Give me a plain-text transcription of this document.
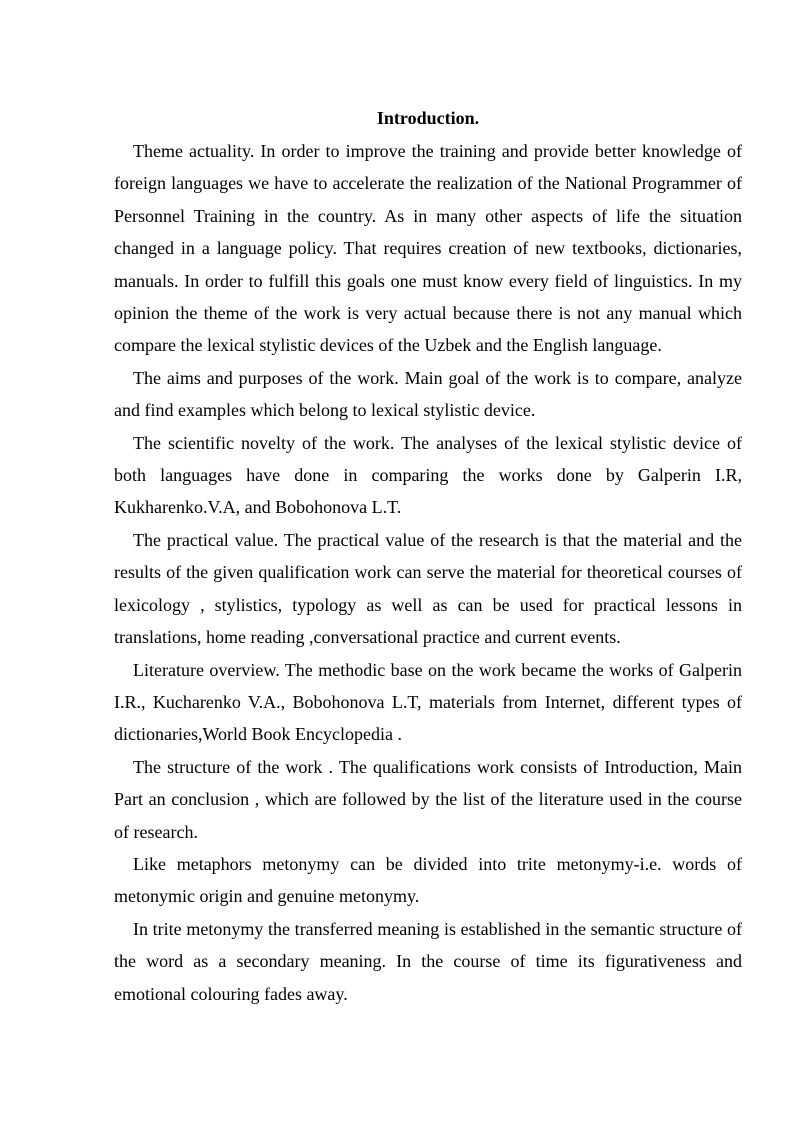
Introduction.

Theme actuality. In order to improve the training and provide better knowledge of foreign languages we have to accelerate the realization of the National Programmer of Personnel Training in the country. As in many other aspects of life the situation changed in a language policy. That requires creation of new textbooks, dictionaries, manuals. In order to fulfill this goals one must know every field of linguistics. In my opinion the theme of the work is very actual because there is not any manual which compare the lexical stylistic devices of the Uzbek and the English language.

The aims and purposes of the work. Main goal of the work is to compare, analyze and find examples which belong to lexical stylistic device.

The scientific novelty of the work. The analyses of the lexical stylistic device of both languages have done in comparing the works done by Galperin I.R, Kukharenko.V.A, and Bobohonova L.T.

The practical value. The practical value of the research is that the material and the results of the given qualification work can serve the material for theoretical courses of lexicology , stylistics, typology as well as can be used for practical lessons in translations, home reading ,conversational practice and current events.

Literature overview. The methodic base on the work became the works of Galperin I.R., Kucharenko V.A., Bobohonova L.T, materials from Internet, different types of dictionaries,World Book Encyclopedia .

The structure of the work . The qualifications work consists of Introduction, Main Part an conclusion , which are followed by the list of the literature used in the course of research.

Like metaphors metonymy can be divided into trite metonymy-i.e. words of metonymic origin and genuine metonymy.

In trite metonymy the transferred meaning is established in the semantic structure of the word as a secondary meaning. In the course of time its figurativeness and emotional colouring fades away.
